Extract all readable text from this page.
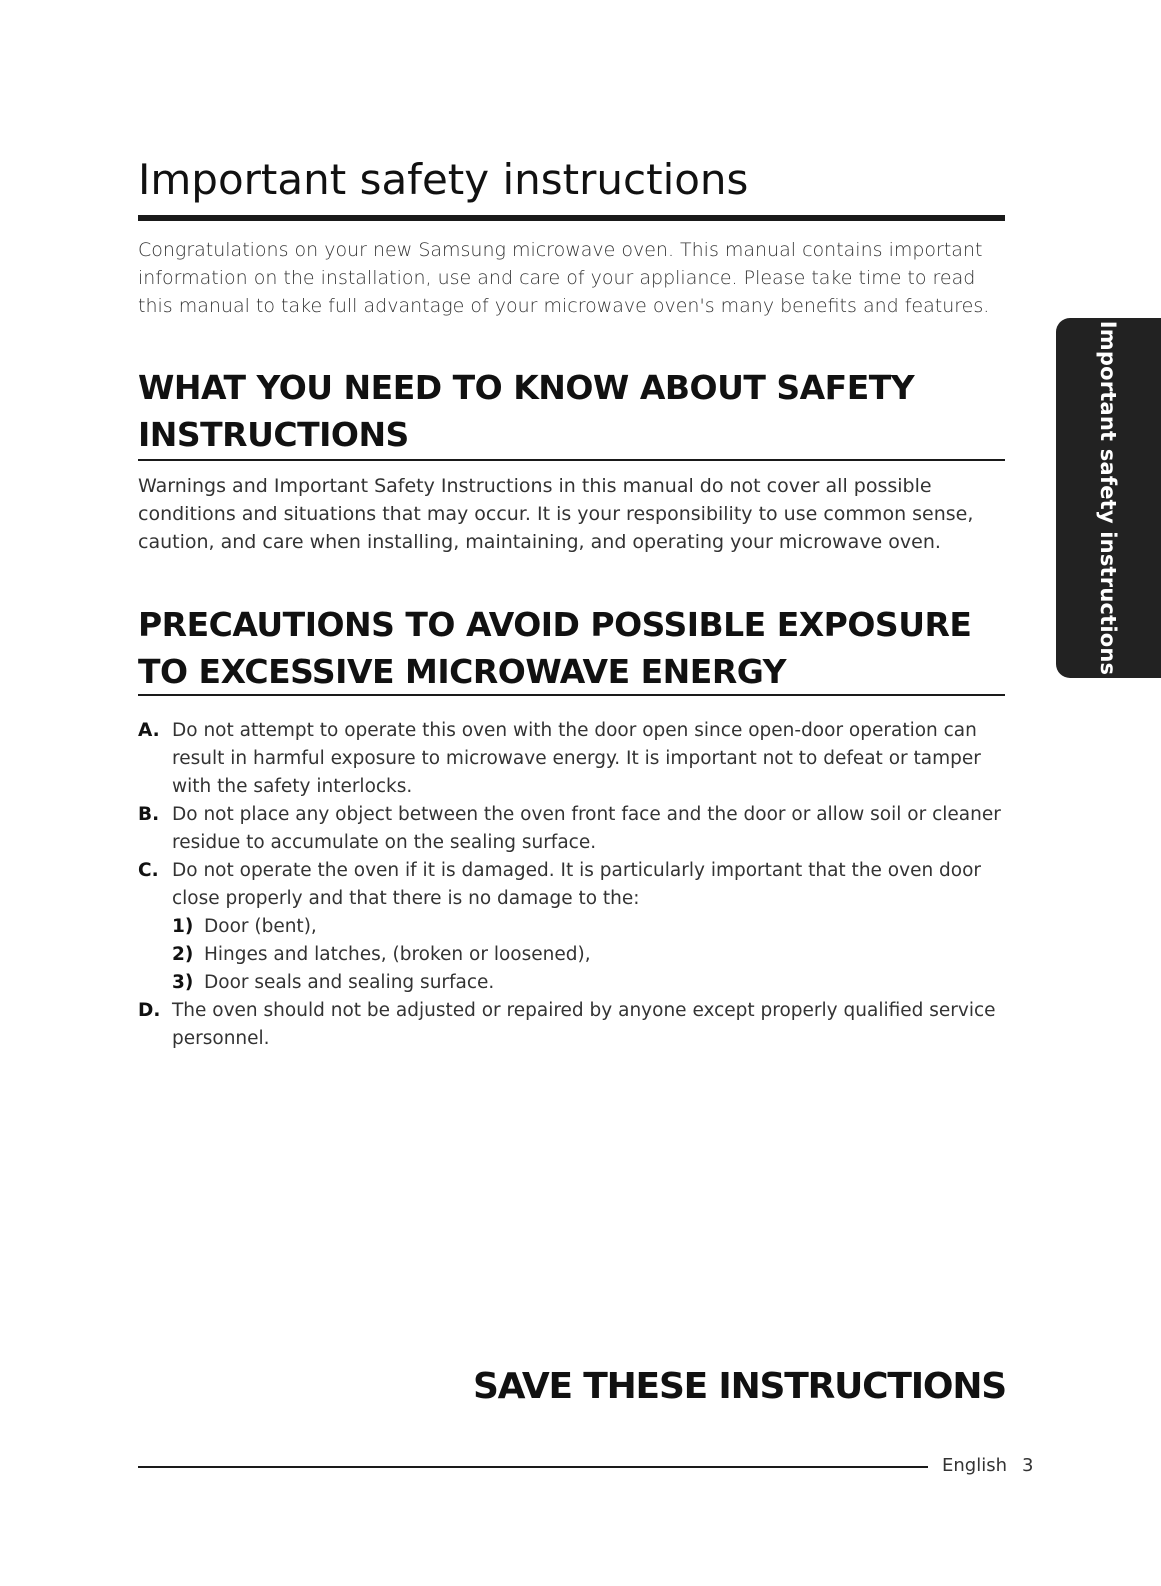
Important safety instructions

Congratulations on your new Samsung microwave oven. This manual contains important information on the installation, use and care of your appliance. Please take time to read this manual to take full advantage of your microwave oven's many benefits and features.

WHAT YOU NEED TO KNOW ABOUT SAFETY INSTRUCTIONS

Warnings and Important Safety Instructions in this manual do not cover all possible conditions and situations that may occur. It is your responsibility to use common sense, caution, and care when installing, maintaining, and operating your microwave oven.

PRECAUTIONS TO AVOID POSSIBLE EXPOSURE TO EXCESSIVE MICROWAVE ENERGY
A. Do not attempt to operate this oven with the door open since open-door operation can result in harmful exposure to microwave energy. It is important not to defeat or tamper with the safety interlocks.
B. Do not place any object between the oven front face and the door or allow soil or cleaner residue to accumulate on the sealing surface.
C. Do not operate the oven if it is damaged. It is particularly important that the oven door close properly and that there is no damage to the:
1) Door (bent),
2) Hinges and latches, (broken or loosened),
3) Door seals and sealing surface.
D. The oven should not be adjusted or repaired by anyone except properly qualified service personnel.
SAVE THESE INSTRUCTIONS
English 3
Important safety instructions
